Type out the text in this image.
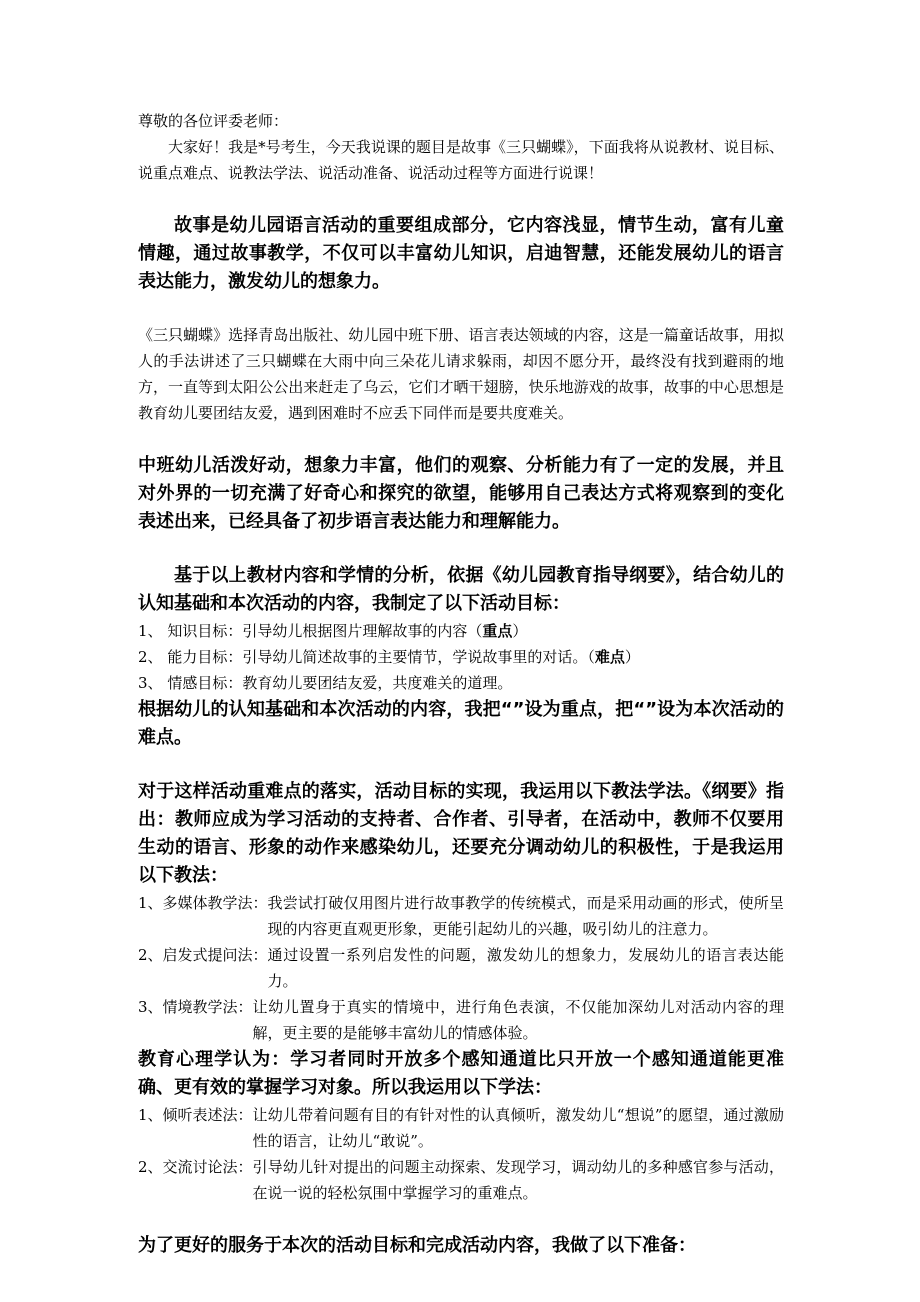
尊敬的各位评委老师：

大家好！我是*号考生，今天我说课的题目是故事《三只蝴蝶》，下面我将从说教材、说目标、说重点难点、说教法学法、说活动准备、说活动过程等方面进行说课！

故事是幼儿园语言活动的重要组成部分，它内容浅显，情节生动，富有儿童情趣，通过故事教学，不仅可以丰富幼儿知识，启迪智慧，还能发展幼儿的语言表达能力，激发幼儿的想象力。

《三只蝴蝶》选择青岛出版社、幼儿园中班下册、语言表达领域的内容，这是一篇童话故事，用拟人的手法讲述了三只蝴蝶在大雨中向三朵花儿请求躲雨，却因不愿分开，最终没有找到避雨的地方，一直等到太阳公公出来赶走了乌云，它们才晒干翅膀，快乐地游戏的故事，故事的中心思想是教育幼儿要团结友爱，遇到困难时不应丢下同伴而是要共度难关。

中班幼儿活泼好动，想象力丰富，他们的观察、分析能力有了一定的发展，并且对外界的一切充满了好奇心和探究的欲望，能够用自己表达方式将观察到的变化表述出来，已经具备了初步语言表达能力和理解能力。

基于以上教材内容和学情的分析，依据《幼儿园教育指导纲要》，结合幼儿的认知基础和本次活动的内容，我制定了以下活动目标：

1、 知识目标：引导幼儿根据图片理解故事的内容（重点）
2、 能力目标：引导幼儿简述故事的主要情节，学说故事里的对话。（难点）
3、 情感目标：教育幼儿要团结友爱，共度难关的道理。

根据幼儿的认知基础和本次活动的内容，我把“”设为重点，把“”设为本次活动的难点。

对于这样活动重难点的落实，活动目标的实现，我运用以下教法学法。《纲要》指出：教师应成为学习活动的支持者、合作者、引导者，在活动中，教师不仅要用生动的语言、形象的动作来感染幼儿，还要充分调动幼儿的积极性，于是我运用以下教法：

1、多媒体教学法： 我尝试打破仅用图片进行故事教学的传统模式，而是采用动画的形式，使所呈现的内容更直观更形象，更能引起幼儿的兴趣，吸引幼儿的注意力。
2、启发式提问法： 通过设置一系列启发性的问题，激发幼儿的想象力，发展幼儿的语言表达能力。
3、情境教学法： 让幼儿置身于真实的情境中，进行角色表演，不仅能加深幼儿对活动内容的理解，更主要的是能够丰富幼儿的情感体验。

教育心理学认为：学习者同时开放多个感知通道比只开放一个感知通道能更准确、更有效的掌握学习对象。所以我运用以下学法：

1、倾听表述法： 让幼儿带着问题有目的有针对性的认真倾听，激发幼儿“想说”的愿望，通过激励性的语言，让幼儿“敢说”。
2、交流讨论法： 引导幼儿针对提出的问题主动探索、发现学习，调动幼儿的多种感官参与活动，在说一说的轻松氛围中掌握学习的重难点。

为了更好的服务于本次的活动目标和完成活动内容，我做了以下准备：
